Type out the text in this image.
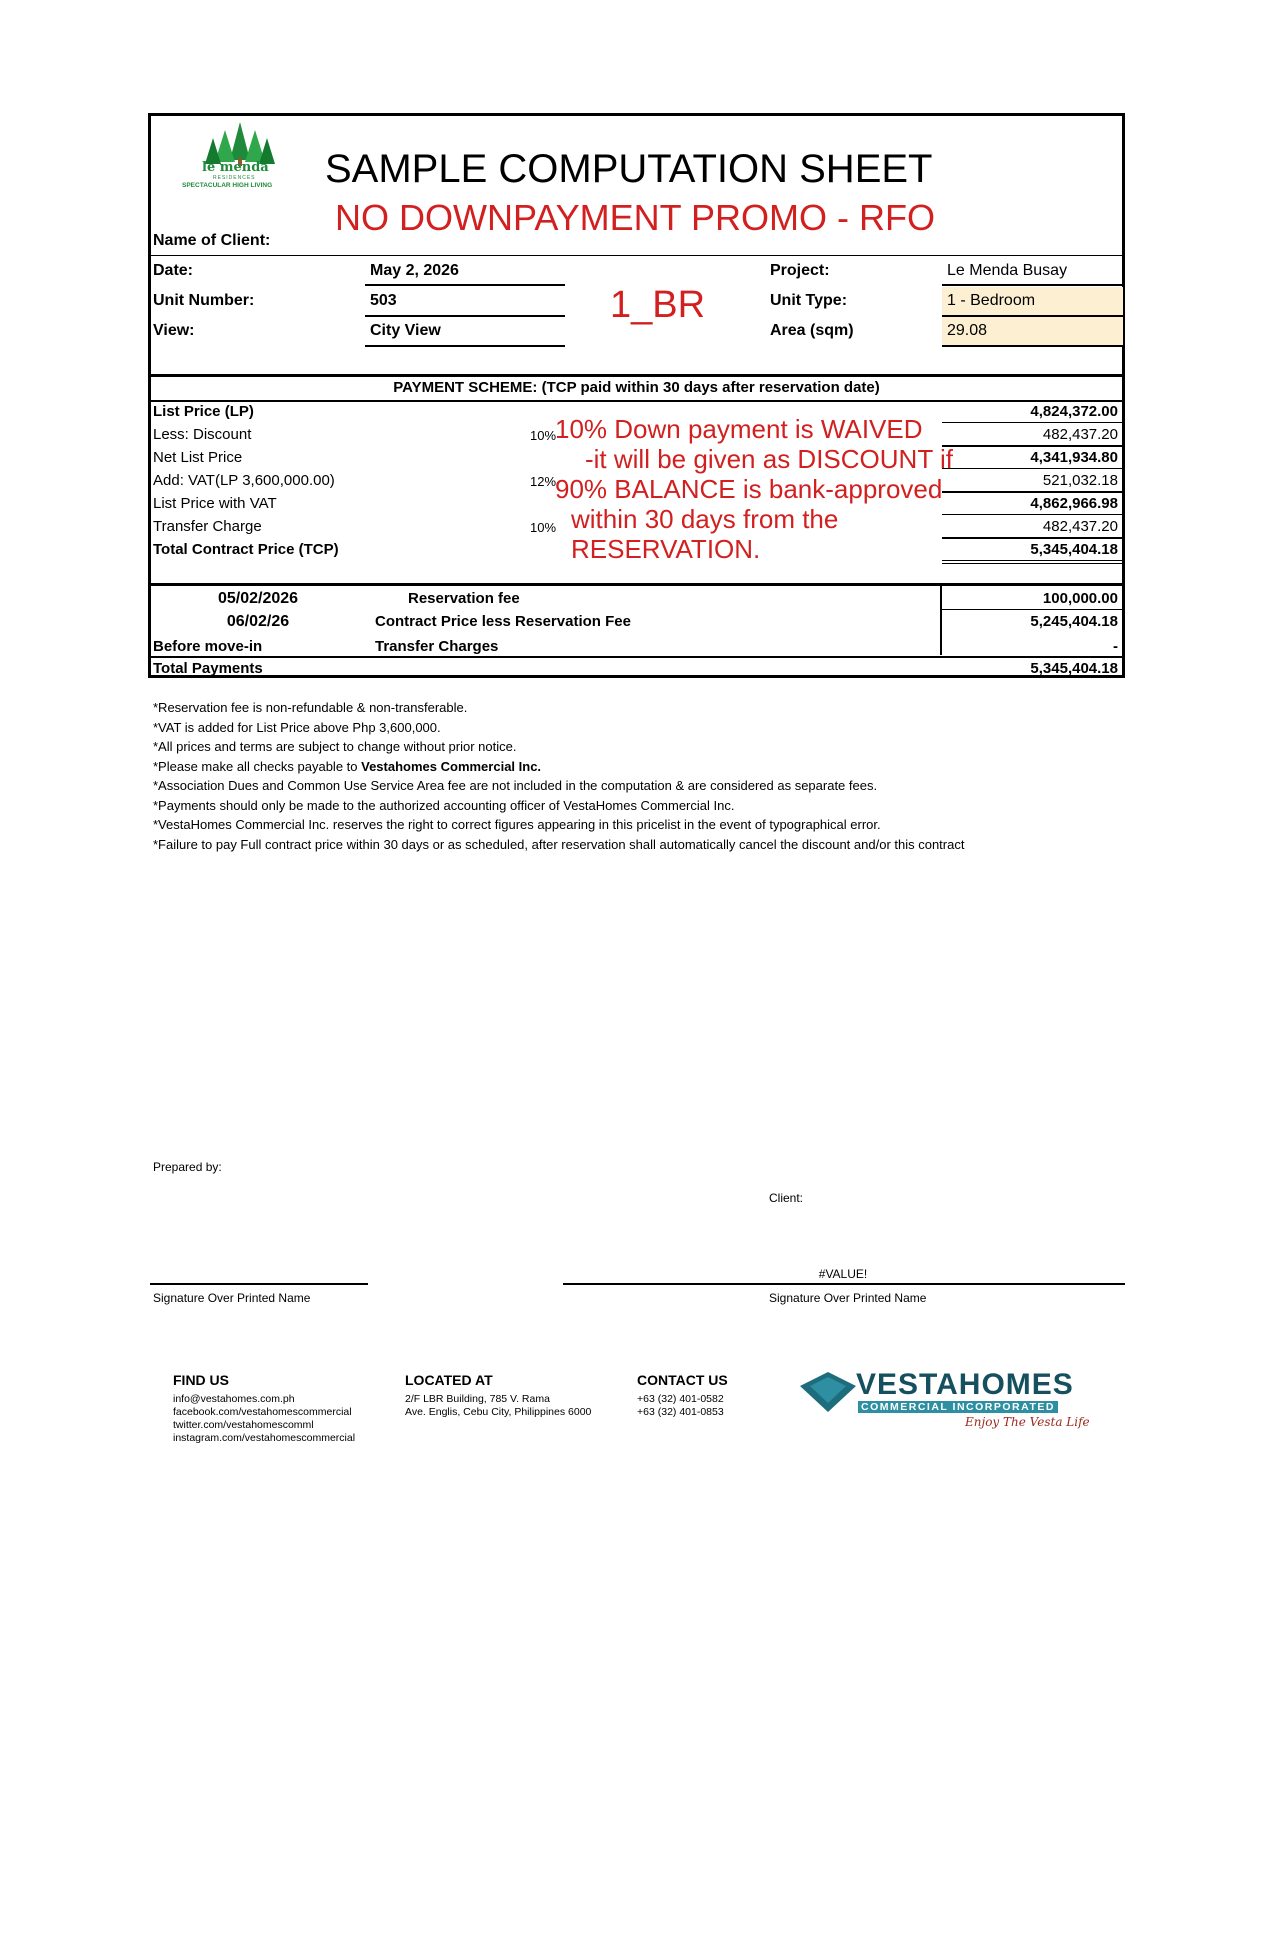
le menda
RESIDENCES
SPECTACULAR HIGH LIVING SAMPLE COMPUTATION SHEET
NO DOWNPAYMENT PROMO - RFO
Name of Client:
Date:	May 2, 2026
Unit Number:	503
View:	City View
1_BR
Project:	Le Menda Busay
Unit Type:	1 - Bedroom
Area (sqm)	29.08
PAYMENT SCHEME: (TCP paid within 30 days after reservation date)
List Price (LP)	4,824,372.00
Less: Discount	10%	482,437.20
Net List Price	4,341,934.80
Add: VAT(LP 3,600,000.00)	12%	521,032.18
List Price with VAT	4,862,966.98
Transfer Charge	10%	482,437.20
Total Contract Price (TCP)	5,345,404.18
10% Down payment is WAIVED
-it will be given as DISCOUNT if
90% BALANCE is bank-approved
within 30 days from the
RESERVATION.
05/02/2026	Reservation fee	100,000.00
06/02/26	Contract Price less Reservation Fee	5,245,404.18
Before move-in	Transfer Charges	-
Total Payments	5,345,404.18
*Reservation fee is non-refundable & non-transferable.
*VAT is added for List Price above Php 3,600,000.
*All prices and terms are subject to change without prior notice.
*Please make all checks payable to Vestahomes Commercial Inc.
*Association Dues and Common Use Service Area fee are not included in the computation & are considered as separate fees.
*Payments should only be made to the authorized accounting officer of VestaHomes Commercial Inc.
*VestaHomes Commercial Inc. reserves the right to correct figures appearing in this pricelist in the event of typographical error.
*Failure to pay Full contract price within 30 days or as scheduled, after reservation shall automatically cancel the discount and/or this contract
Prepared by:
Client:
#VALUE!
Signature Over Printed Name	Signature Over Printed Name
FIND US
info@vestahomes.com.ph
facebook.com/vestahomescommercial
twitter.com/vestahomescomml
instagram.com/vestahomescommercial
LOCATED AT
2/F LBR Building, 785 V. Rama
Ave. Englis, Cebu City, Philippines 6000
CONTACT US
+63 (32) 401-0582
+63 (32) 401-0853
VESTAHOMES
COMMERCIAL INCORPORATED
Enjoy The Vesta Life
